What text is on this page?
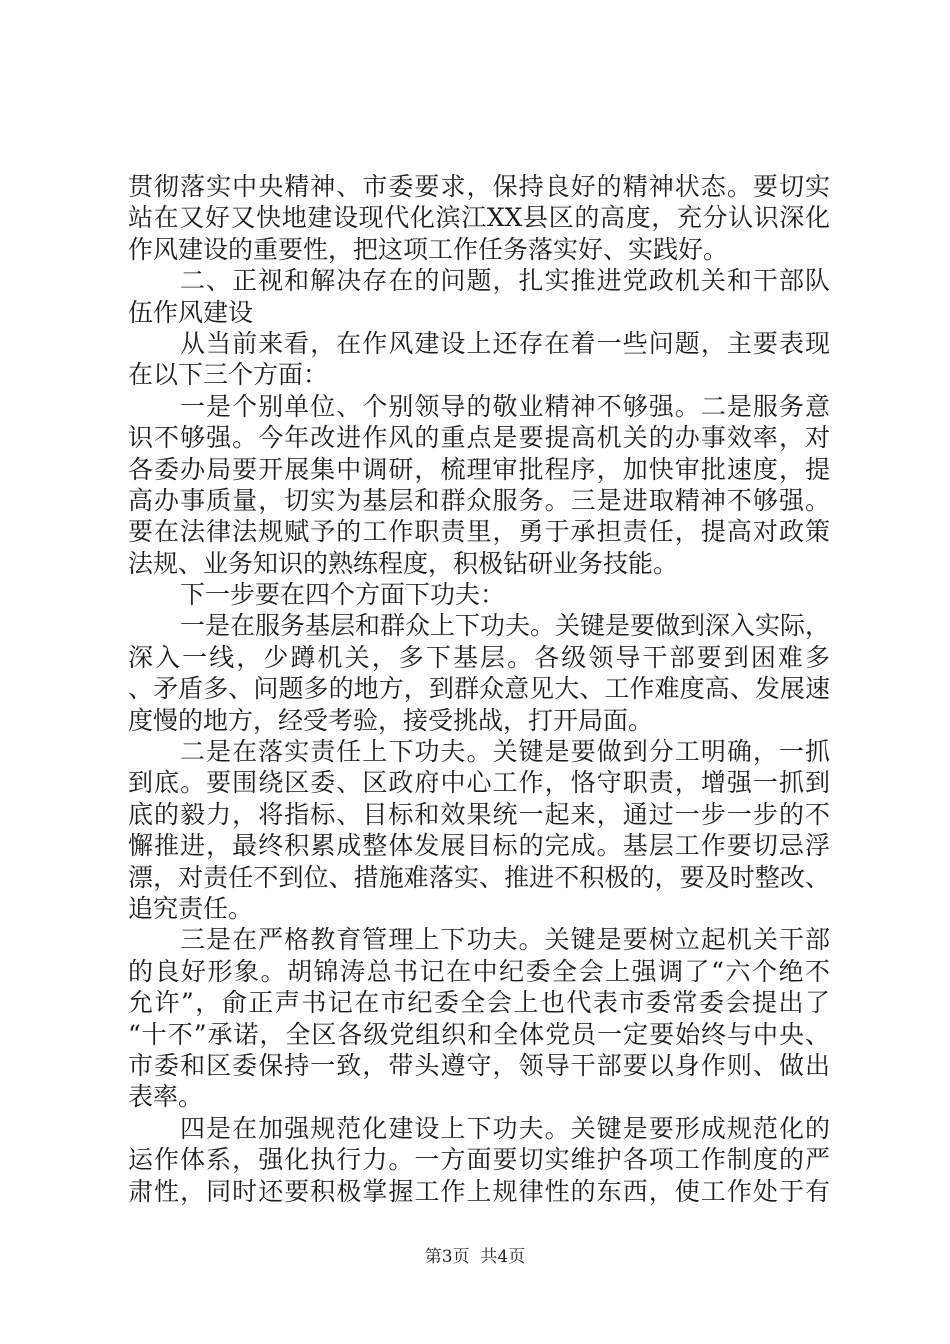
贯彻落实中央精神、市委要求，保持良好的精神状态。要切实
站在又好又快地建设现代化滨江XX县区的高度，充分认识深化
作风建设的重要性，把这项工作任务落实好、实践好。
二、正视和解决存在的问题，扎实推进党政机关和干部队
伍作风建设
从当前来看，在作风建设上还存在着一些问题，主要表现
在以下三个方面：
一是个别单位、个别领导的敬业精神不够强。二是服务意
识不够强。今年改进作风的重点是要提高机关的办事效率，对
各委办局要开展集中调研，梳理审批程序，加快审批速度，提
高办事质量，切实为基层和群众服务。三是进取精神不够强。
要在法律法规赋予的工作职责里，勇于承担责任，提高对政策
法规、业务知识的熟练程度，积极钻研业务技能。
下一步要在四个方面下功夫：
一是在服务基层和群众上下功夫。关键是要做到深入实际，
深入一线，少蹲机关，多下基层。各级领导干部要到困难多
、矛盾多、问题多的地方，到群众意见大、工作难度高、发展速
度慢的地方，经受考验，接受挑战，打开局面。
二是在落实责任上下功夫。关键是要做到分工明确，一抓
到底。要围绕区委、区政府中心工作，恪守职责，增强一抓到
底的毅力，将指标、目标和效果统一起来，通过一步一步的不
懈推进，最终积累成整体发展目标的完成。基层工作要切忌浮
漂，对责任不到位、措施难落实、推进不积极的，要及时整改、
追究责任。
三是在严格教育管理上下功夫。关键是要树立起机关干部
的良好形象。胡锦涛总书记在中纪委全会上强调了“六个绝不
允许”，俞正声书记在市纪委全会上也代表市委常委会提出了
“十不”承诺，全区各级党组织和全体党员一定要始终与中央、
市委和区委保持一致，带头遵守，领导干部要以身作则、做出
表率。
四是在加强规范化建设上下功夫。关键是要形成规范化的
运作体系，强化执行力。一方面要切实维护各项工作制度的严
肃性，同时还要积极掌握工作上规律性的东西，使工作处于有
第3页  共4页
